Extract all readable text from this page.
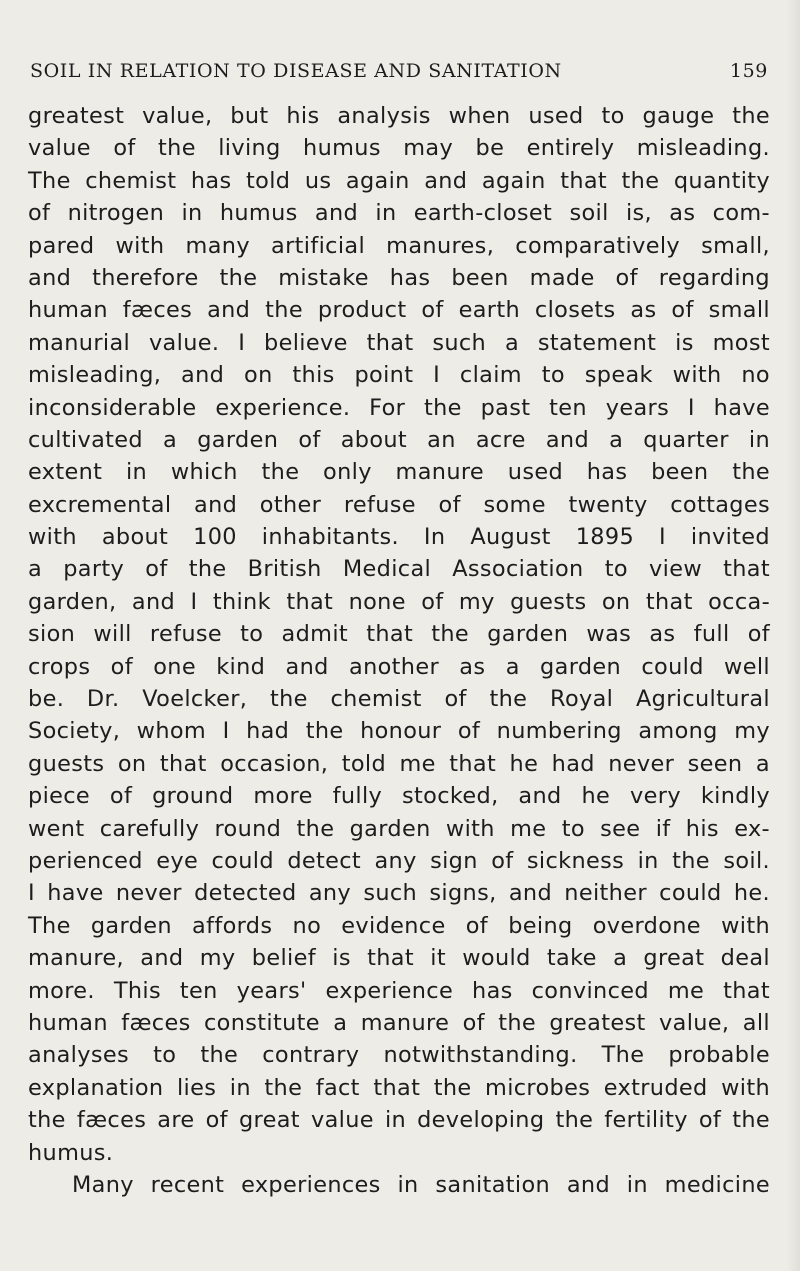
SOIL IN RELATION TO DISEASE AND SANITATION	159
greatest value, but his analysis when used to gauge the
value of the living humus may be entirely misleading.
The chemist has told us again and again that the quantity
of nitrogen in humus and in earth-closet soil is, as com-
pared with many artificial manures, comparatively small,
and therefore the mistake has been made of regarding
human fæces and the product of earth closets as of small
manurial value. I believe that such a statement is most
misleading, and on this point I claim to speak with no
inconsiderable experience. For the past ten years I have
cultivated a garden of about an acre and a quarter in
extent in which the only manure used has been the
excremental and other refuse of some twenty cottages
with about 100 inhabitants. In August 1895 I invited
a party of the British Medical Association to view that
garden, and I think that none of my guests on that occa-
sion will refuse to admit that the garden was as full of
crops of one kind and another as a garden could well
be. Dr. Voelcker, the chemist of the Royal Agricultural
Society, whom I had the honour of numbering among my
guests on that occasion, told me that he had never seen a
piece of ground more fully stocked, and he very kindly
went carefully round the garden with me to see if his ex-
perienced eye could detect any sign of sickness in the soil.
I have never detected any such signs, and neither could he.
The garden affords no evidence of being overdone with
manure, and my belief is that it would take a great deal
more. This ten years' experience has convinced me that
human fæces constitute a manure of the greatest value, all
analyses to the contrary notwithstanding. The probable
explanation lies in the fact that the microbes extruded with
the fæces are of great value in developing the fertility of the
humus.
Many recent experiences in sanitation and in medicine
